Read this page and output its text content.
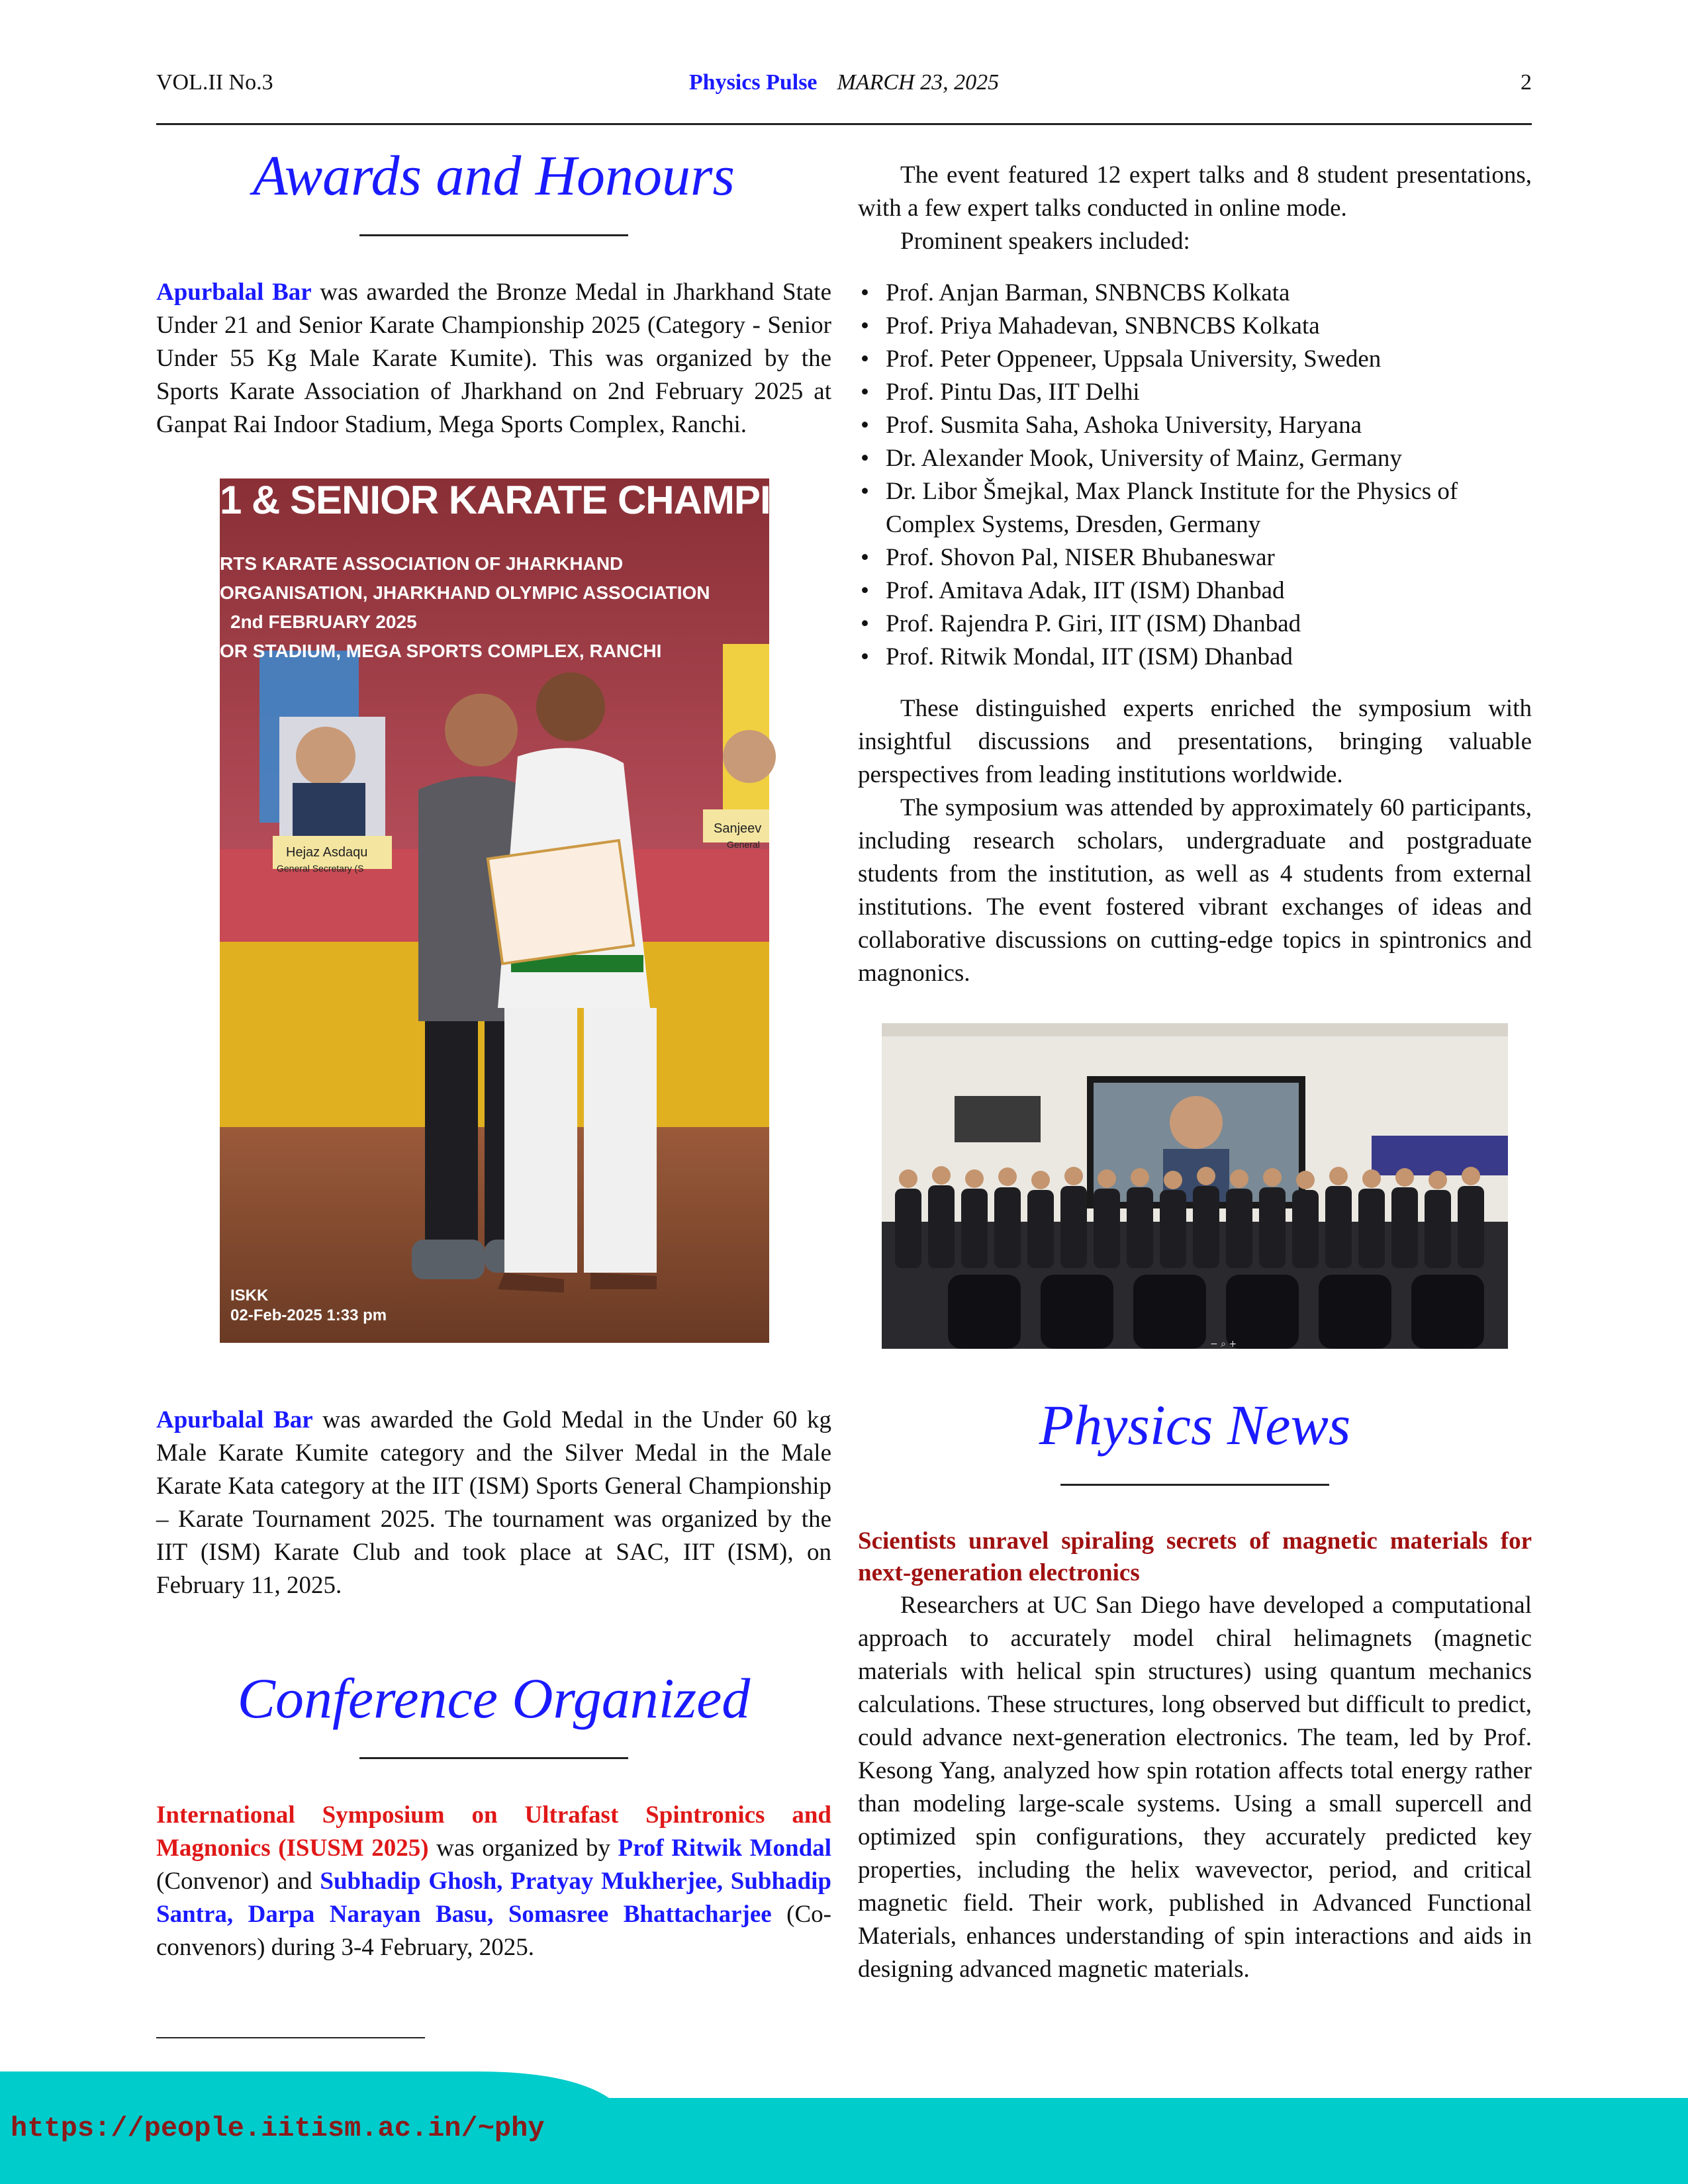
VOL.II No.3	Physics Pulse MARCH 23, 2025	2
Awards and Honours

Apurbalal Bar was awarded the Bronze Medal in Jharkhand State Under 21 and Senior Karate Championship 2025 (Category - Senior Under 55 Kg Male Karate Kumite). This was organized by the Sports Karate Association of Jharkhand on 2nd February 2025 at Ganpat Rai Indoor Stadium, Mega Sports Complex, Ranchi.

1 & SENIOR KARATE CHAMPIONSH
RTS KARATE ASSOCIATION OF JHARKHAND
ORGANISATION, JHARKHAND OLYMPIC ASSOCIATION
2nd FEBRUARY 2025
OR STADIUM, MEGA SPORTS COMPLEX, RANCHI
Hejaz Asdaqu
General Secretary (S
Sanjeev
General
ISKK
02-Feb-2025 1:33 pm

Apurbalal Bar was awarded the Gold Medal in the Under 60 kg Male Karate Kumite category and the Silver Medal in the Male Karate Kata category at the IIT (ISM) Sports General Championship – Karate Tournament 2025. The tournament was organized by the IIT (ISM) Karate Club and took place at SAC, IIT (ISM), on February 11, 2025.

Conference Organized

International Symposium on Ultrafast Spintronics and Magnonics (ISUSM 2025) was organized by Prof Ritwik Mondal (Convenor) and Subhadip Ghosh, Pratyay Mukherjee, Subhadip Santra, Darpa Narayan Basu, Somasree Bhattacharjee (Co-convenors) during 3-4 February, 2025.

The event featured 12 expert talks and 8 student presentations, with a few expert talks conducted in online mode.

Prominent speakers included:

• Prof. Anjan Barman, SNBNCBS Kolkata
• Prof. Priya Mahadevan, SNBNCBS Kolkata
• Prof. Peter Oppeneer, Uppsala University, Sweden
• Prof. Pintu Das, IIT Delhi
• Prof. Susmita Saha, Ashoka University, Haryana
• Dr. Alexander Mook, University of Mainz, Germany
• Dr. Libor Šmejkal, Max Planck Institute for the Physics of Complex Systems, Dresden, Germany
• Prof. Shovon Pal, NISER Bhubaneswar
• Prof. Amitava Adak, IIT (ISM) Dhanbad
• Prof. Rajendra P. Giri, IIT (ISM) Dhanbad
• Prof. Ritwik Mondal, IIT (ISM) Dhanbad

These distinguished experts enriched the symposium with insightful discussions and presentations, bringing valuable perspectives from leading institutions worldwide.

The symposium was attended by approximately 60 participants, including research scholars, undergraduate and postgraduate students from the institution, as well as 4 students from external institutions. The event fostered vibrant exchanges of ideas and collaborative discussions on cutting-edge topics in spintronics and magnonics.

− ⌕ +
Physics News

Scientists unravel spiraling secrets of magnetic materials for next-generation electronics

Researchers at UC San Diego have developed a computational approach to accurately model chiral helimagnets (magnetic materials with helical spin structures) using quantum mechanics calculations. These structures, long observed but difficult to predict, could advance next-generation electronics. The team, led by Prof. Kesong Yang, analyzed how spin rotation affects total energy rather than modeling large-scale systems. Using a small supercell and optimized spin configurations, they accurately predicted key properties, including the helix wavevector, period, and critical magnetic field. Their work, published in Advanced Functional Materials, enhances understanding of spin interactions and aids in designing advanced magnetic materials.

https://people.iitism.ac.in/~phy
